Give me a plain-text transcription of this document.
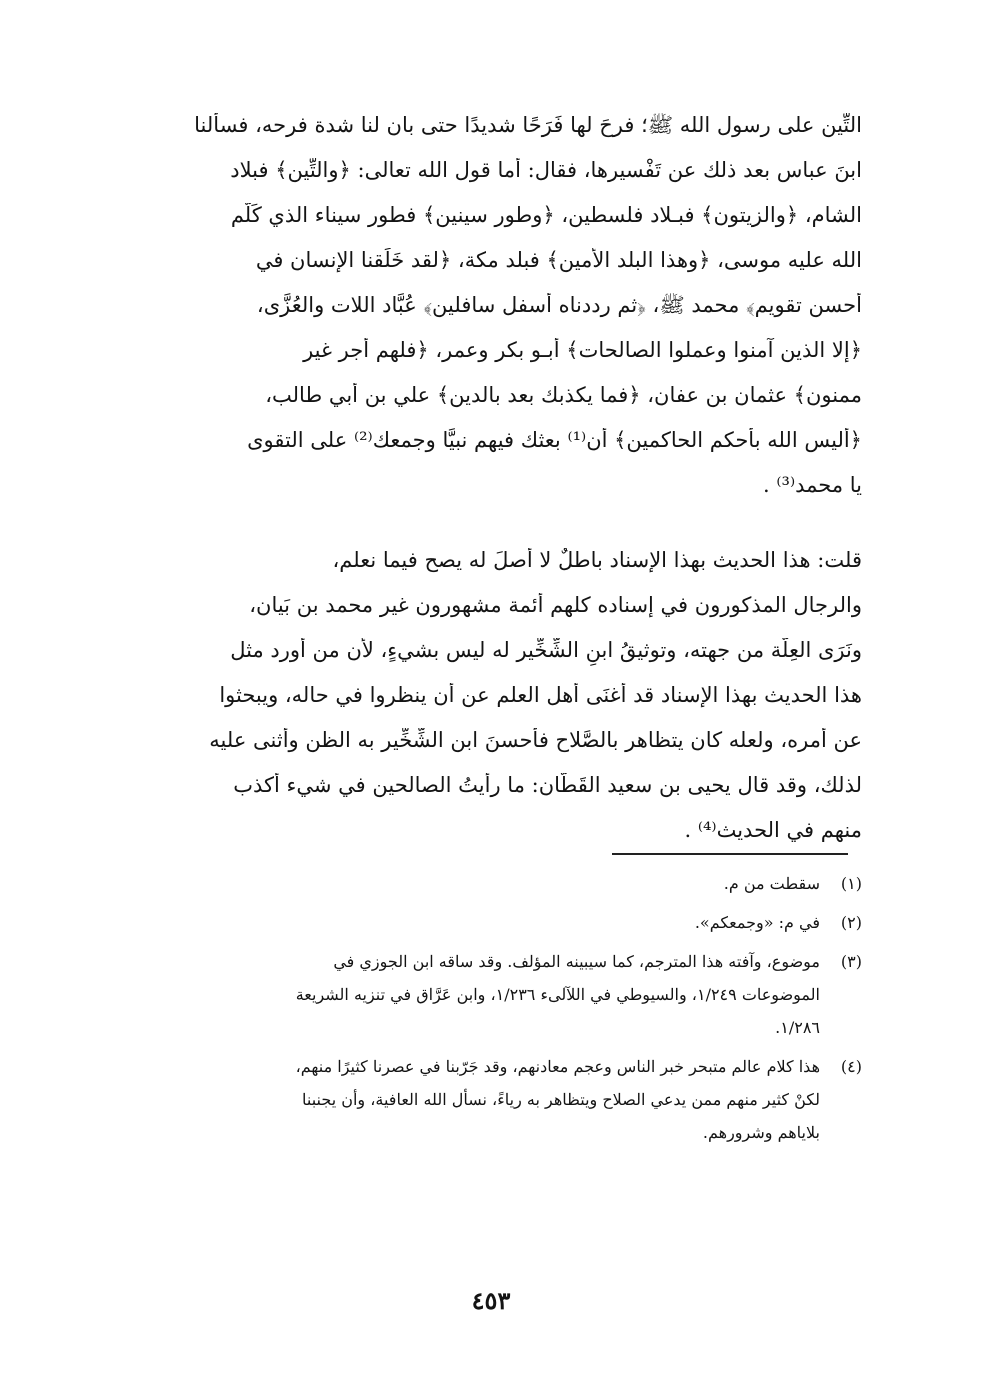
التِّين على رسول الله ﷺ؛ فرحَ لها فَرَحًا شديدًا حتى بان لنا شدة فرحه، فسألنا
ابنَ عباس بعد ذلك عن تَفْسيرها، فقال: أما قول الله تعالى: ﴿والتِّين﴾ فبلاد
الشام، ﴿والزيتون﴾ فبـلاد فلسطين، ﴿وطور سينين﴾ فطور سيناء الذي كَلَّم
الله عليه موسى، ﴿وهذا البلد الأمين﴾ فبلد مكة، ﴿لقد خَلَقنا الإنسان في
أحسن تقويم﴾ محمد ﷺ، ﴿ثم رددناه أسفل سافلين﴾ عُبَّاد اللات والعُزَّى،
﴿إلا الذين آمنوا وعملوا الصالحات﴾ أبـو بكر وعمر، ﴿فلهم أجر غير
ممنون﴾ عثمان بن عفان، ﴿فما يكذبك بعد بالدين﴾ علي بن أبي طالب،
﴿أليس الله بأحكم الحاكمين﴾ أن⁽¹⁾ بعثك فيهم نبيًّا وجمعك⁽²⁾ على التقوى
يا محمد⁽³⁾ .
قلت: هذا الحديث بهذا الإسناد باطلٌ لا أصلَ له يصح فيما نعلم،
والرجال المذكورون في إسناده كلهم أئمة مشهورون غير محمد بن بَيان،
ونَرَى العِلَّة من جهته، وتوثيقُ ابنِ الشِّخِّير له ليس بشيءٍ، لأن من أورد مثل
هذا الحديث بهذا الإسناد قد أغنَى أهل العلم عن أن ينظروا في حاله، ويبحثوا
عن أمره، ولعله كان يتظاهر بالصَّلاح فأحسنَ ابن الشِّخِّير به الظن وأثنى عليه
لذلك، وقد قال يحيى بن سعيد القَطَّان: ما رأيتُ الصالحين في شيء أكذب
منهم في الحديث⁽⁴⁾ .
(١)
سقطت من م.
(٢)
في م: «وجمعكم».
(٣)
موضوع، وآفته هذا المترجم، كما سيبينه المؤلف. وقد ساقه ابن الجوزي في
الموضوعات ١/٢٤٩، والسيوطي في اللآلىء ١/٢٣٦، وابن عَرَّاق في تنزيه الشريعة
١/٢٨٦.
(٤)
هذا كلام عالم متبحر خبر الناس وعجم معادنهم، وقد جَرّبنا في عصرنا كثيرًا منهم،
لكنْ كثير منهم ممن يدعي الصلاح ويتظاهر به رياءً، نسأل الله العافية، وأن يجنبنا
بلاياهم وشرورهم.
٤٥٣
